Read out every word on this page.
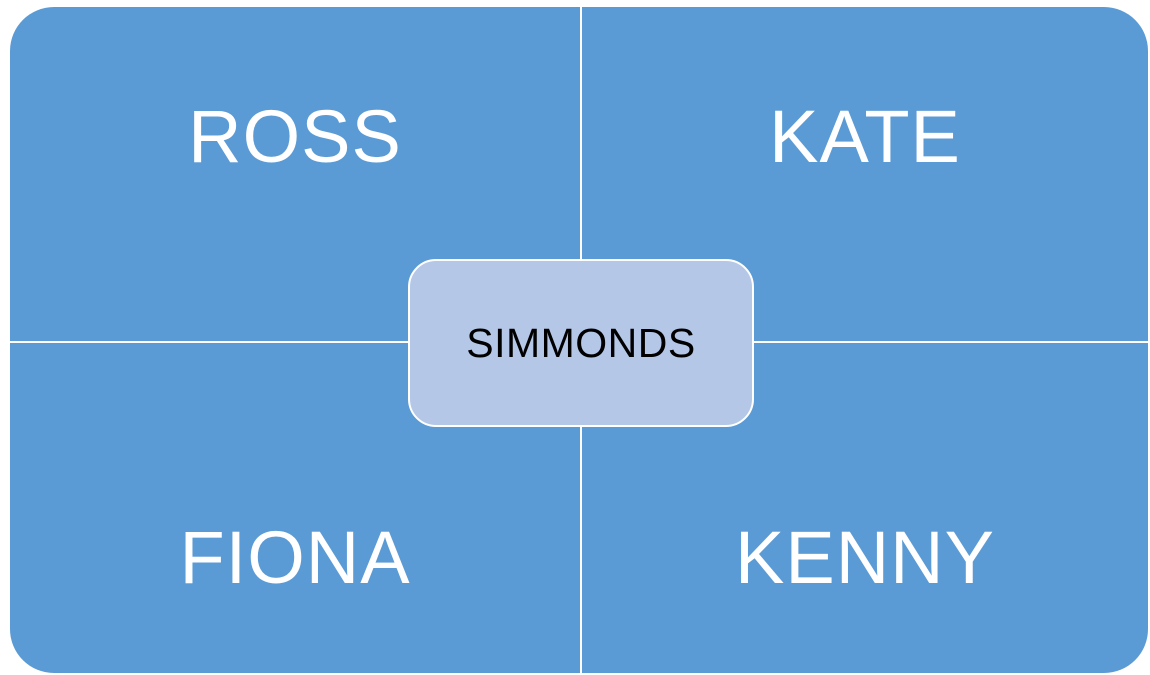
ROSS	KATE
FIONA	KENNY
SIMMONDS
